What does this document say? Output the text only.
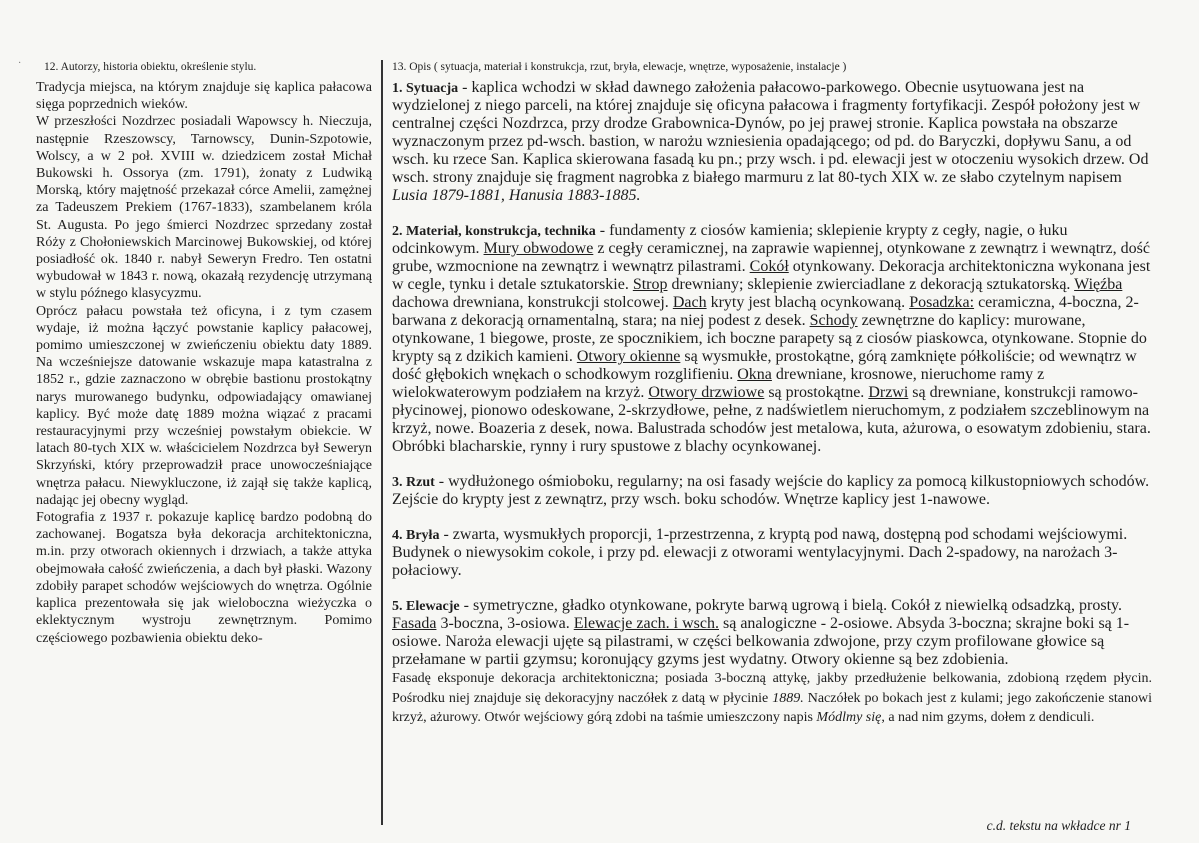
·	12. Autorzy, historia obiektu, określenie stylu.

Tradycja miejsca, na którym znajduje się kaplica pałacowa sięga poprzednich wieków.

W przeszłości Nozdrzec posiadali Wapowscy h. Nieczuja, następnie Rzeszowscy, Tarnowscy, Dunin-Szpotowie, Wolscy, a w 2 poł. XVIII w. dziedzicem został Michał Bukowski h. Ossorya (zm. 1791), żonaty z Ludwiką Morską, który majętność przekazał córce Amelii, zamężnej za Tadeuszem Prekiem (1767-1833), szambelanem króla St. Augusta. Po jego śmierci Nozdrzec sprzedany został Róży z Chołoniewskich Marcinowej Bukowskiej, od której posiadłość ok. 1840 r. nabył Seweryn Fredro. Ten ostatni wybudował w 1843 r. nową, okazałą rezydencję utrzymaną w stylu późnego klasycyzmu.

Oprócz pałacu powstała też oficyna, i z tym czasem wydaje, iż można łączyć powstanie kaplicy pałacowej, pomimo umieszczonej w zwieńczeniu obiektu daty 1889. Na wcześniejsze datowanie wskazuje mapa katastralna z 1852 r., gdzie zaznaczono w obrębie bastionu prostokątny narys murowanego budynku, odpowiadający omawianej kaplicy. Być może datę 1889 można wiązać z pracami restauracyjnymi przy wcześniej powstałym obiekcie. W latach 80-tych XIX w. właścicielem Nozdrzca był Seweryn Skrzyński, który przeprowadził prace unowocześniające wnętrza pałacu. Niewykluczone, iż zajął się także kaplicą, nadając jej obecny wygląd.

Fotografia z 1937 r. pokazuje kaplicę bardzo podobną do zachowanej. Bogatsza była dekoracja architektoniczna, m.in. przy otworach okiennych i drzwiach, a także attyka obejmowała całość zwieńczenia, a dach był płaski. Wazony zdobiły parapet schodów wejściowych do wnętrza. Ogólnie kaplica prezentowała się jak wieloboczna wieżyczka o eklektycznym wystroju zewnętrznym. Pomimo częściowego pozbawienia obiektu deko-

13. Opis ( sytuacja, materiał i konstrukcja, rzut, bryła, elewacje, wnętrze, wyposażenie, instalacje )

1. Sytuacja - kaplica wchodzi w skład dawnego założenia pałacowo-parkowego. Obecnie usytuowana jest na wydzielonej z niego parceli, na której znajduje się oficyna pałacowa i fragmenty fortyfikacji. Zespół położony jest w centralnej części Nozdrzca, przy drodze Grabownica-Dynów, po jej prawej stronie. Kaplica powstała na obszarze wyznaczonym przez pd-wsch. bastion, w narożu wzniesienia opadającego; od pd. do Baryczki, dopływu Sanu, a od wsch. ku rzece San. Kaplica skierowana fasadą ku pn.; przy wsch. i pd. elewacji jest w otoczeniu wysokich drzew. Od wsch. strony znajduje się fragment nagrobka z białego marmuru z lat 80-tych XIX w. ze słabo czytelnym napisem Lusia 1879-1881, Hanusia 1883-1885.

2. Materiał, konstrukcja, technika - fundamenty z ciosów kamienia; sklepienie krypty z cegły, nagie, o łuku odcinkowym. Mury obwodowe z cegły ceramicznej, na zaprawie wapiennej, otynkowane z zewnątrz i wewnątrz, dość grube, wzmocnione na zewnątrz i wewnątrz pilastrami. Cokół otynkowany. Dekoracja architektoniczna wykonana jest w cegle, tynku i detale sztukatorskie. Strop drewniany; sklepienie zwierciadlane z dekoracją sztukatorską. Więźba dachowa drewniana, konstrukcji stolcowej. Dach kryty jest blachą ocynkowaną. Posadzka: ceramiczna, 4-boczna, 2-barwana z dekoracją ornamentalną, stara; na niej podest z desek. Schody zewnętrzne do kaplicy: murowane, otynkowane, 1 biegowe, proste, ze spocznikiem, ich boczne parapety są z ciosów piaskowca, otynkowane. Stopnie do krypty są z dzikich kamieni. Otwory okienne są wysmukłe, prostokątne, górą zamknięte półkoliście; od wewnątrz w dość głębokich wnękach o schodkowym rozglifieniu. Okna drewniane, krosnowe, nieruchome ramy z wielokwaterowym podziałem na krzyż. Otwory drzwiowe są prostokątne. Drzwi są drewniane, konstrukcji ramowo-płycinowej, pionowo odeskowane, 2-skrzydłowe, pełne, z nadświetlem nieruchomym, z podziałem szczeblinowym na krzyż, nowe. Boazeria z desek, nowa. Balustrada schodów jest metalowa, kuta, ażurowa, o esowatym zdobieniu, stara. Obróbki blacharskie, rynny i rury spustowe z blachy ocynkowanej.

3. Rzut - wydłużonego ośmioboku, regularny; na osi fasady wejście do kaplicy za pomocą kilkustopniowych schodów. Zejście do krypty jest z zewnątrz, przy wsch. boku schodów. Wnętrze kaplicy jest 1-nawowe.

4. Bryła - zwarta, wysmukłych proporcji, 1-przestrzenna, z kryptą pod nawą, dostępną pod schodami wejściowymi. Budynek o niewysokim cokole, i przy pd. elewacji z otworami wentylacyjnymi. Dach 2-spadowy, na narożach 3-połaciowy.

5. Elewacje - symetryczne, gładko otynkowane, pokryte barwą ugrową i bielą. Cokół z niewielką odsadzką, prosty. Fasada 3-boczna, 3-osiowa. Elewacje zach. i wsch. są analogiczne - 2-osiowe. Absyda 3-boczna; skrajne boki są 1-osiowe. Naroża elewacji ujęte są pilastrami, w części belkowania zdwojone, przy czym profilowane głowice są przełamane w partii gzymsu; koronujący gzyms jest wydatny. Otwory okienne są bez zdobienia.

Fasadę eksponuje dekoracja architektoniczna; posiada 3-boczną attykę, jakby przedłużenie belkowania, zdobioną rzędem płycin. Pośrodku niej znajduje się dekoracyjny naczółek z datą w płycinie 1889. Naczółek po bokach jest z kulami; jego zakończenie stanowi krzyż, ażurowy. Otwór wejściowy górą zdobi na taśmie umieszczony napis Módlmy się, a nad nim gzyms, dołem z dendiculi.

c.d. tekstu na wkładce nr 1
